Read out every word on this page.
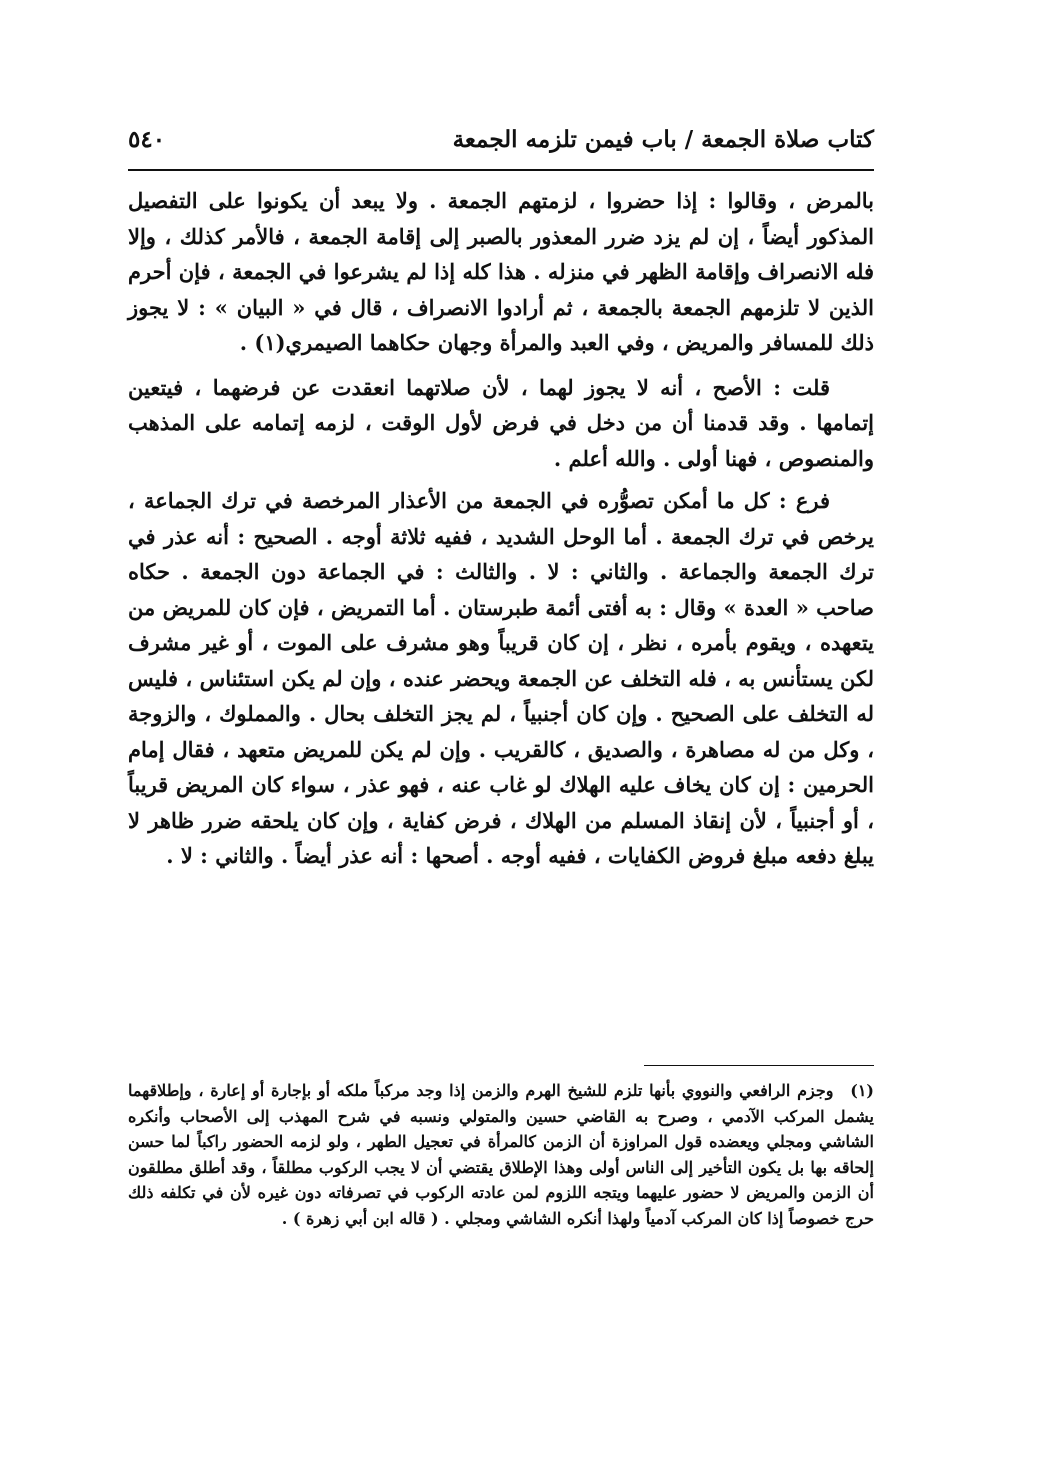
كتاب صلاة الجمعة / باب فيمن تلزمه الجمعة
٥٤٠

بالمرض ، وقالوا : إذا حضروا ، لزمتهم الجمعة . ولا يبعد أن يكونوا على التفصيل المذكور أيضاً ، إن لم يزد ضرر المعذور بالصبر إلى إقامة الجمعة ، فالأمر كذلك ، وإلا فله الانصراف وإقامة الظهر في منزله . هذا كله إذا لم يشرعوا في الجمعة ، فإن أحرم الذين لا تلزمهم الجمعة بالجمعة ، ثم أرادوا الانصراف ، قال في « البيان » : لا يجوز ذلك للمسافر والمريض ، وفي العبد والمرأة وجهان حكاهما الصيمري(١) .

قلت : الأصح ، أنه لا يجوز لهما ، لأن صلاتهما انعقدت عن فرضهما ، فيتعين إتمامها . وقد قدمنا أن من دخل في فرض لأول الوقت ، لزمه إتمامه على المذهب والمنصوص ، فهنا أولى . والله أعلم .

فرع : كل ما أمكن تصوُّره في الجمعة من الأعذار المرخصة في ترك الجماعة ، يرخص في ترك الجمعة . أما الوحل الشديد ، ففيه ثلاثة أوجه . الصحيح : أنه عذر في ترك الجمعة والجماعة . والثاني : لا . والثالث : في الجماعة دون الجمعة . حكاه صاحب « العدة » وقال : به أفتى أئمة طبرستان . أما التمريض ، فإن كان للمريض من يتعهده ، ويقوم بأمره ، نظر ، إن كان قريباً وهو مشرف على الموت ، أو غير مشرف لكن يستأنس به ، فله التخلف عن الجمعة ويحضر عنده ، وإن لم يكن استئناس ، فليس له التخلف على الصحيح . وإن كان أجنبياً ، لم يجز التخلف بحال . والمملوك ، والزوجة ، وكل من له مصاهرة ، والصديق ، كالقريب . وإن لم يكن للمريض متعهد ، فقال إمام الحرمين : إن كان يخاف عليه الهلاك لو غاب عنه ، فهو عذر ، سواء كان المريض قريباً ، أو أجنبياً ، لأن إنقاذ المسلم من الهلاك ، فرض كفاية ، وإن كان يلحقه ضرر ظاهر لا يبلغ دفعه مبلغ فروض الكفايات ، ففيه أوجه . أصحها : أنه عذر أيضاً . والثاني : لا .

(١) وجزم الرافعي والنووي بأنها تلزم للشيخ الهرم والزمن إذا وجد مركباً ملكه أو بإجارة أو إعارة ، وإطلاقهما يشمل المركب الآدمي ، وصرح به القاضي حسين والمتولي ونسبه في شرح المهذب إلى الأصحاب وأنكره الشاشي ومجلي ويعضده قول المراوزة أن الزمن كالمرأة في تعجيل الطهر ، ولو لزمه الحضور راكباً لما حسن إلحاقه بها بل يكون التأخير إلى الناس أولى وهذا الإطلاق يقتضي أن لا يجب الركوب مطلقاً ، وقد أطلق مطلقون أن الزمن والمريض لا حضور عليهما ويتجه اللزوم لمن عادته الركوب في تصرفاته دون غيره لأن في تكلفه ذلك حرج خصوصاً إذا كان المركب آدمياً ولهذا أنكره الشاشي ومجلي . ( قاله ابن أبي زهرة ) .
